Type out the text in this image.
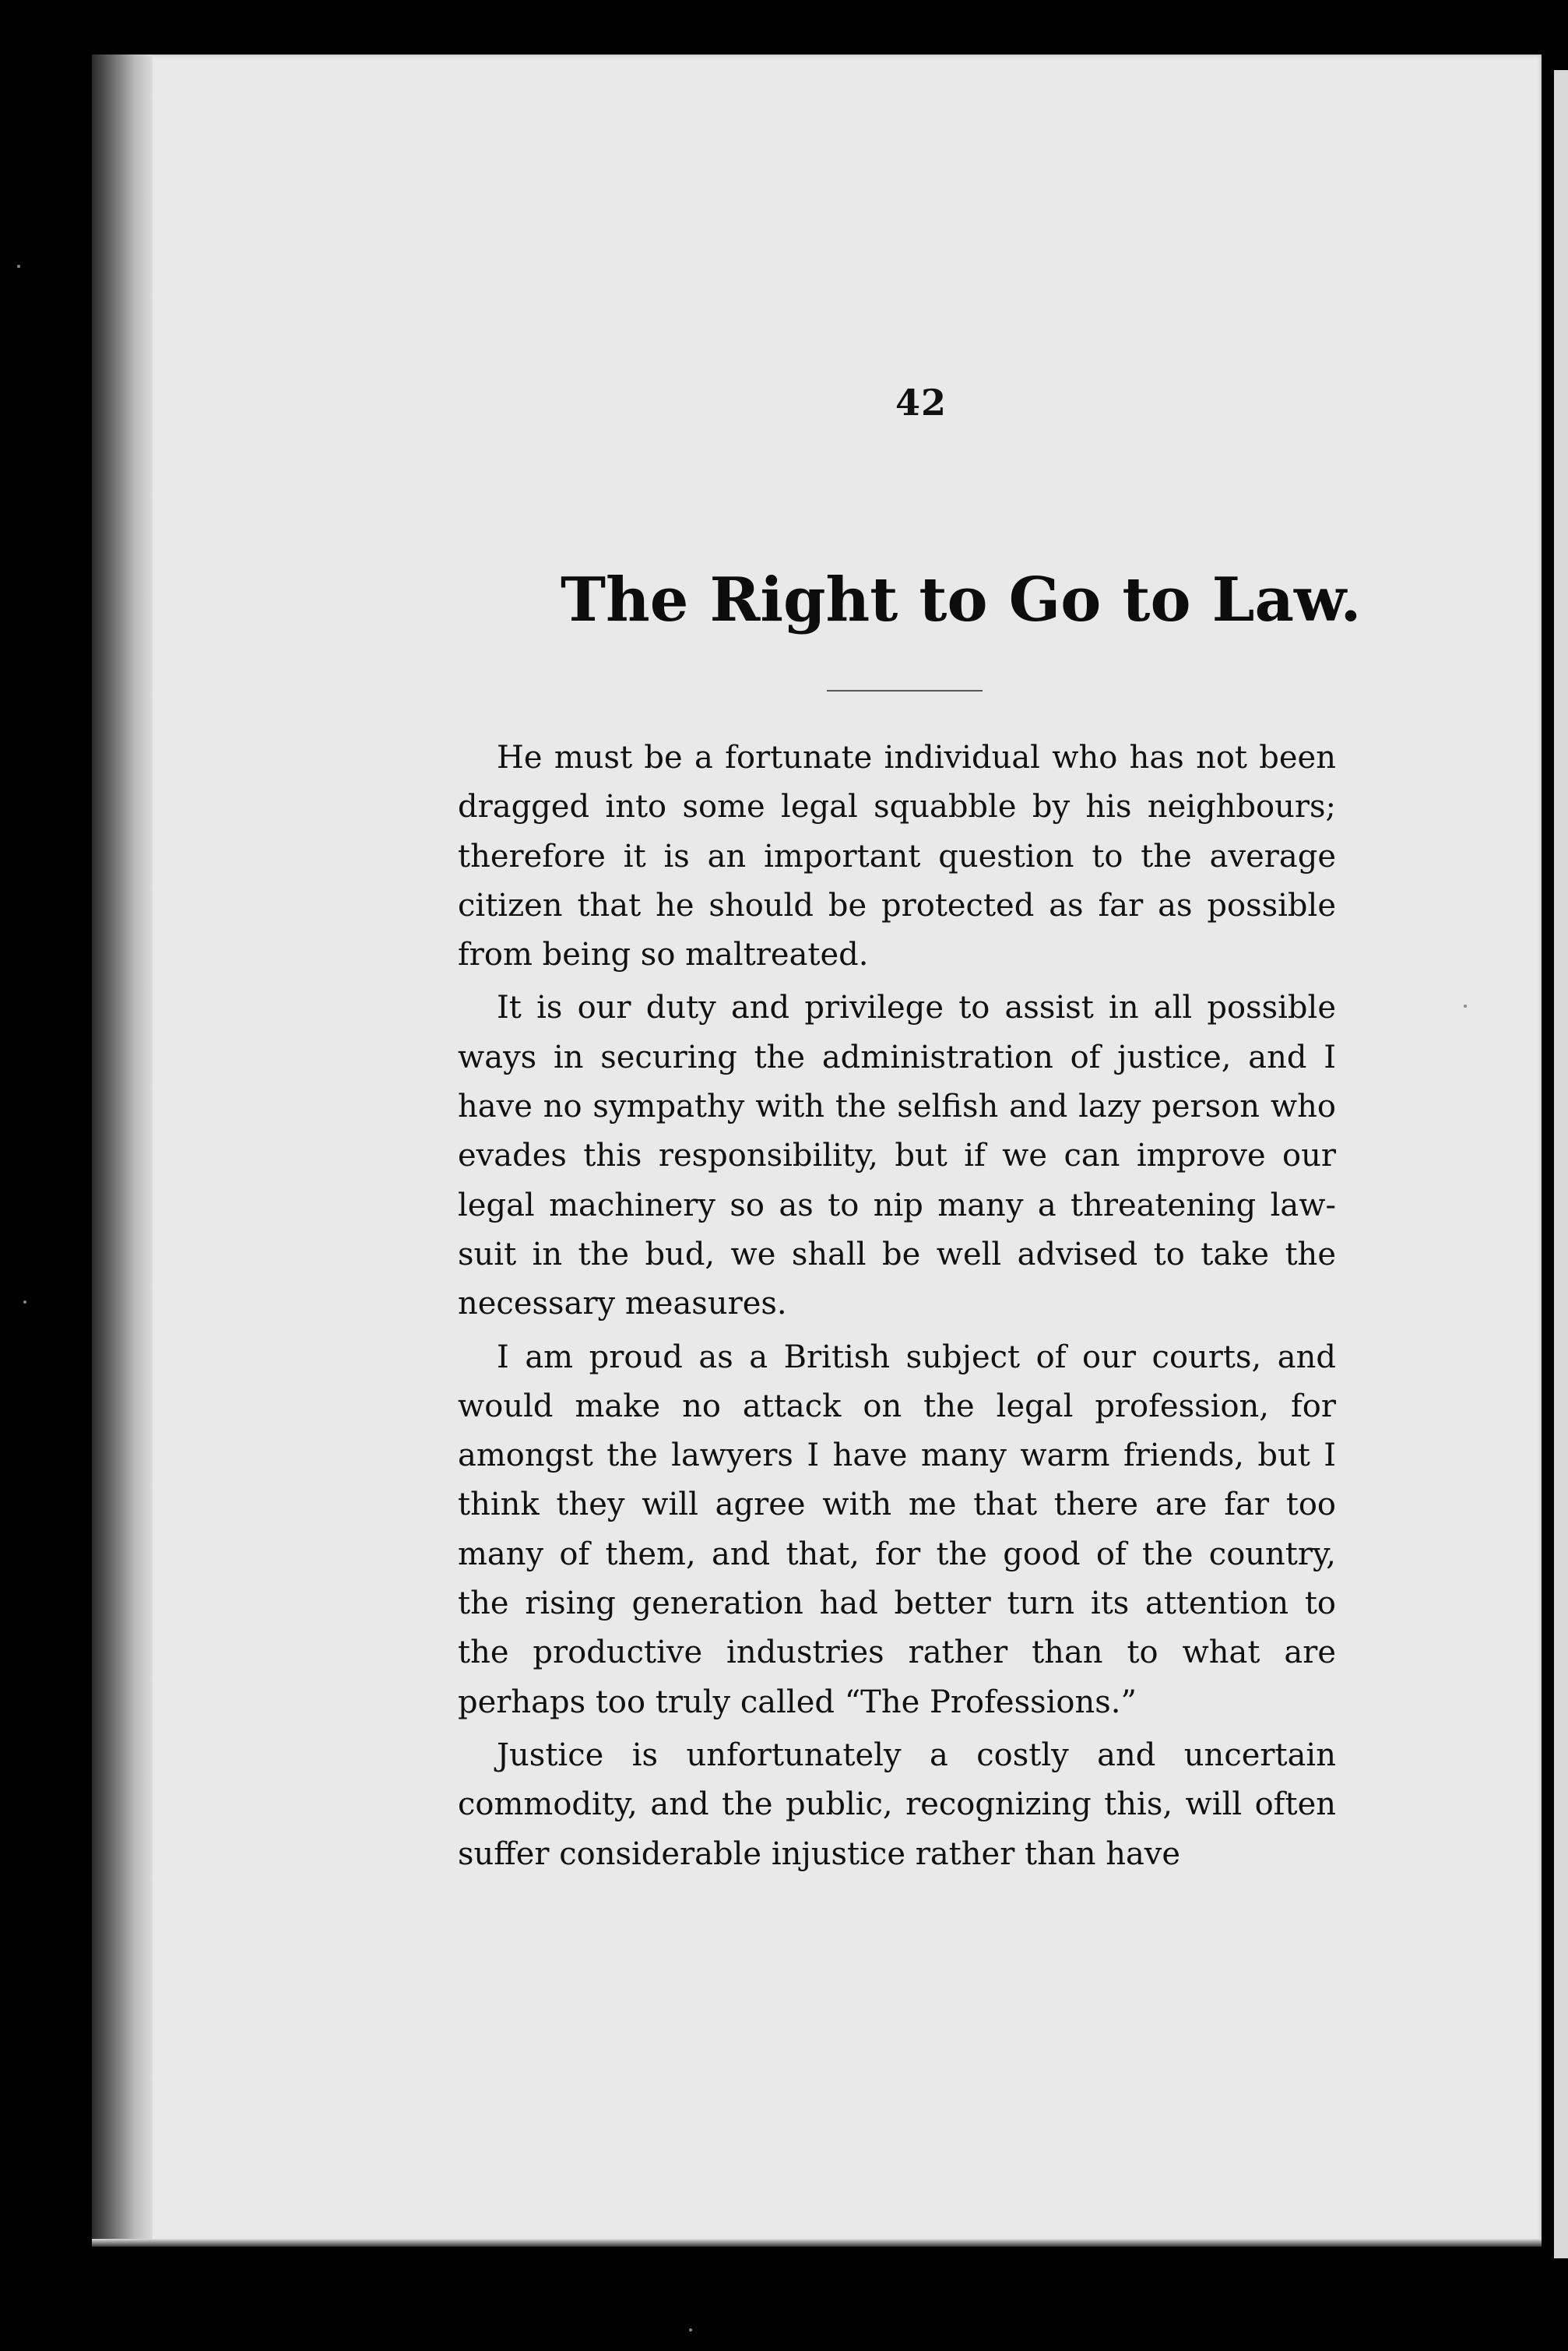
42
The Right to Go to Law.

He must be a fortunate individual who has not been dragged into some legal squabble by his neighbours; therefore it is an important question to the average citizen that he should be protected as far as possible from being so maltreated.

It is our duty and privilege to assist in all possible ways in securing the administration of justice, and I have no sympathy with the selfish and lazy person who evades this responsibility, but if we can improve our legal machinery so as to nip many a threatening law-suit in the bud, we shall be well advised to take the necessary measures.

I am proud as a British subject of our courts, and would make no attack on the legal profession, for amongst the lawyers I have many warm friends, but I think they will agree with me that there are far too many of them, and that, for the good of the country, the rising generation had better turn its attention to the productive industries rather than to what are perhaps too truly called “The Professions.”

Justice is unfortunately a costly and uncertain commodity, and the public, recognizing this, will often suffer considerable injustice rather than have
